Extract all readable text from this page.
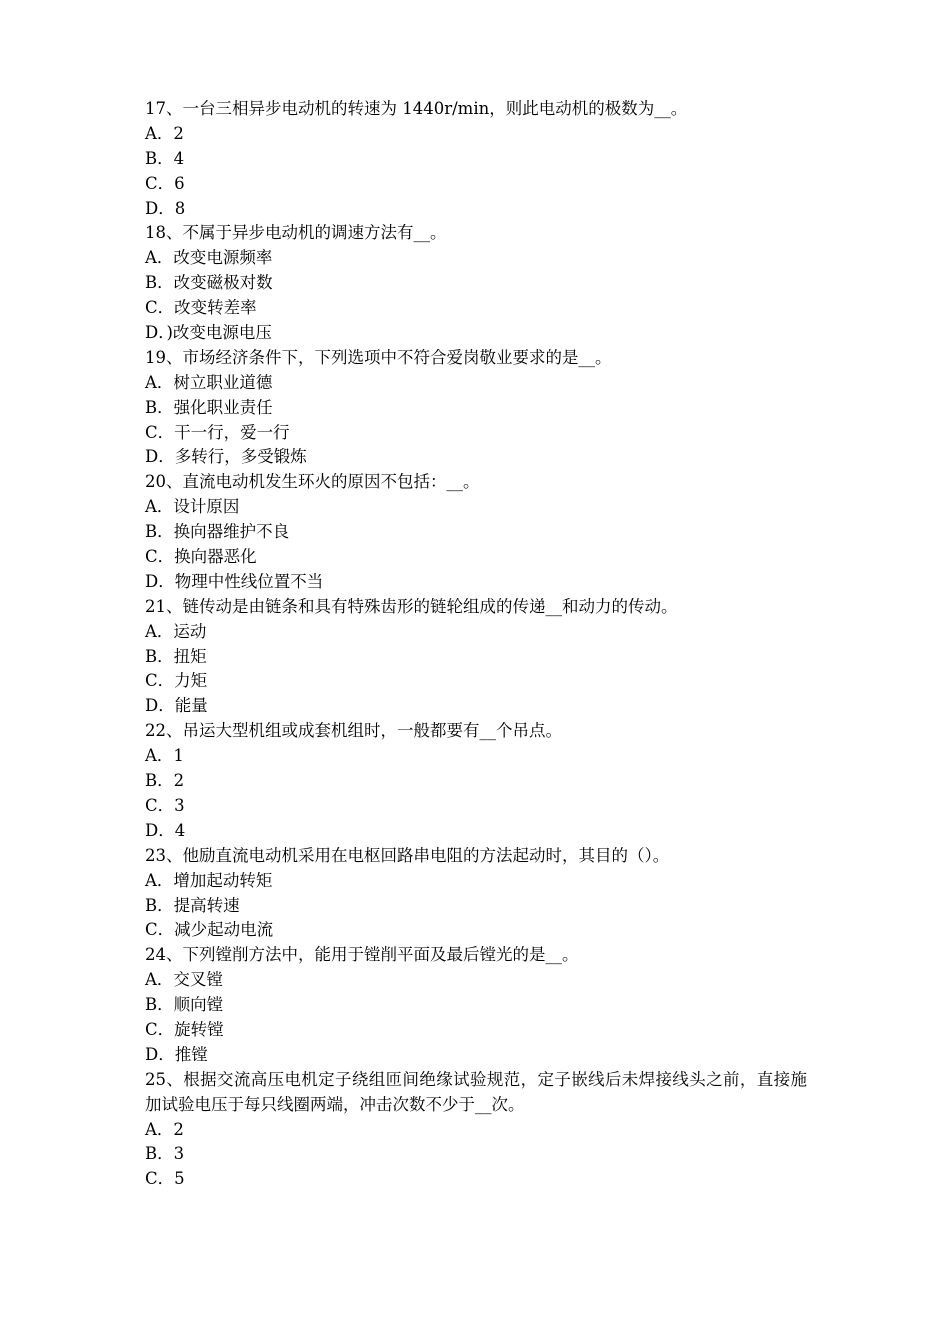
17、一台三相异步电动机的转速为 1440r/min，则此电动机的极数为__。
A．2
B．4
C．6
D．8
18、不属于异步电动机的调速方法有__。
A．改变电源频率
B．改变磁极对数
C．改变转差率
D．)改变电源电压
19、市场经济条件下，下列选项中不符合爱岗敬业要求的是__。
A．树立职业道德
B．强化职业责任
C．干一行，爱一行
D．多转行，多受锻炼
20、直流电动机发生环火的原因不包括：__。
A．设计原因
B．换向器维护不良
C．换向器恶化
D．物理中性线位置不当
21、链传动是由链条和具有特殊齿形的链轮组成的传递__和动力的传动。
A．运动
B．扭矩
C．力矩
D．能量
22、吊运大型机组或成套机组时，一般都要有__个吊点。
A．1
B．2
C．3
D．4
23、他励直流电动机采用在电枢回路串电阻的方法起动时，其目的（）。
A．增加起动转矩
B．提高转速
C．减少起动电流
24、下列镗削方法中，能用于镗削平面及最后镗光的是__。
A．交叉镗
B．顺向镗
C．旋转镗
D．推镗
25、根据交流高压电机定子绕组匝间绝缘试验规范，定子嵌线后未焊接线头之前，直接施加试验电压于每只线圈两端，冲击次数不少于__次。
A．2
B．3
C．5
